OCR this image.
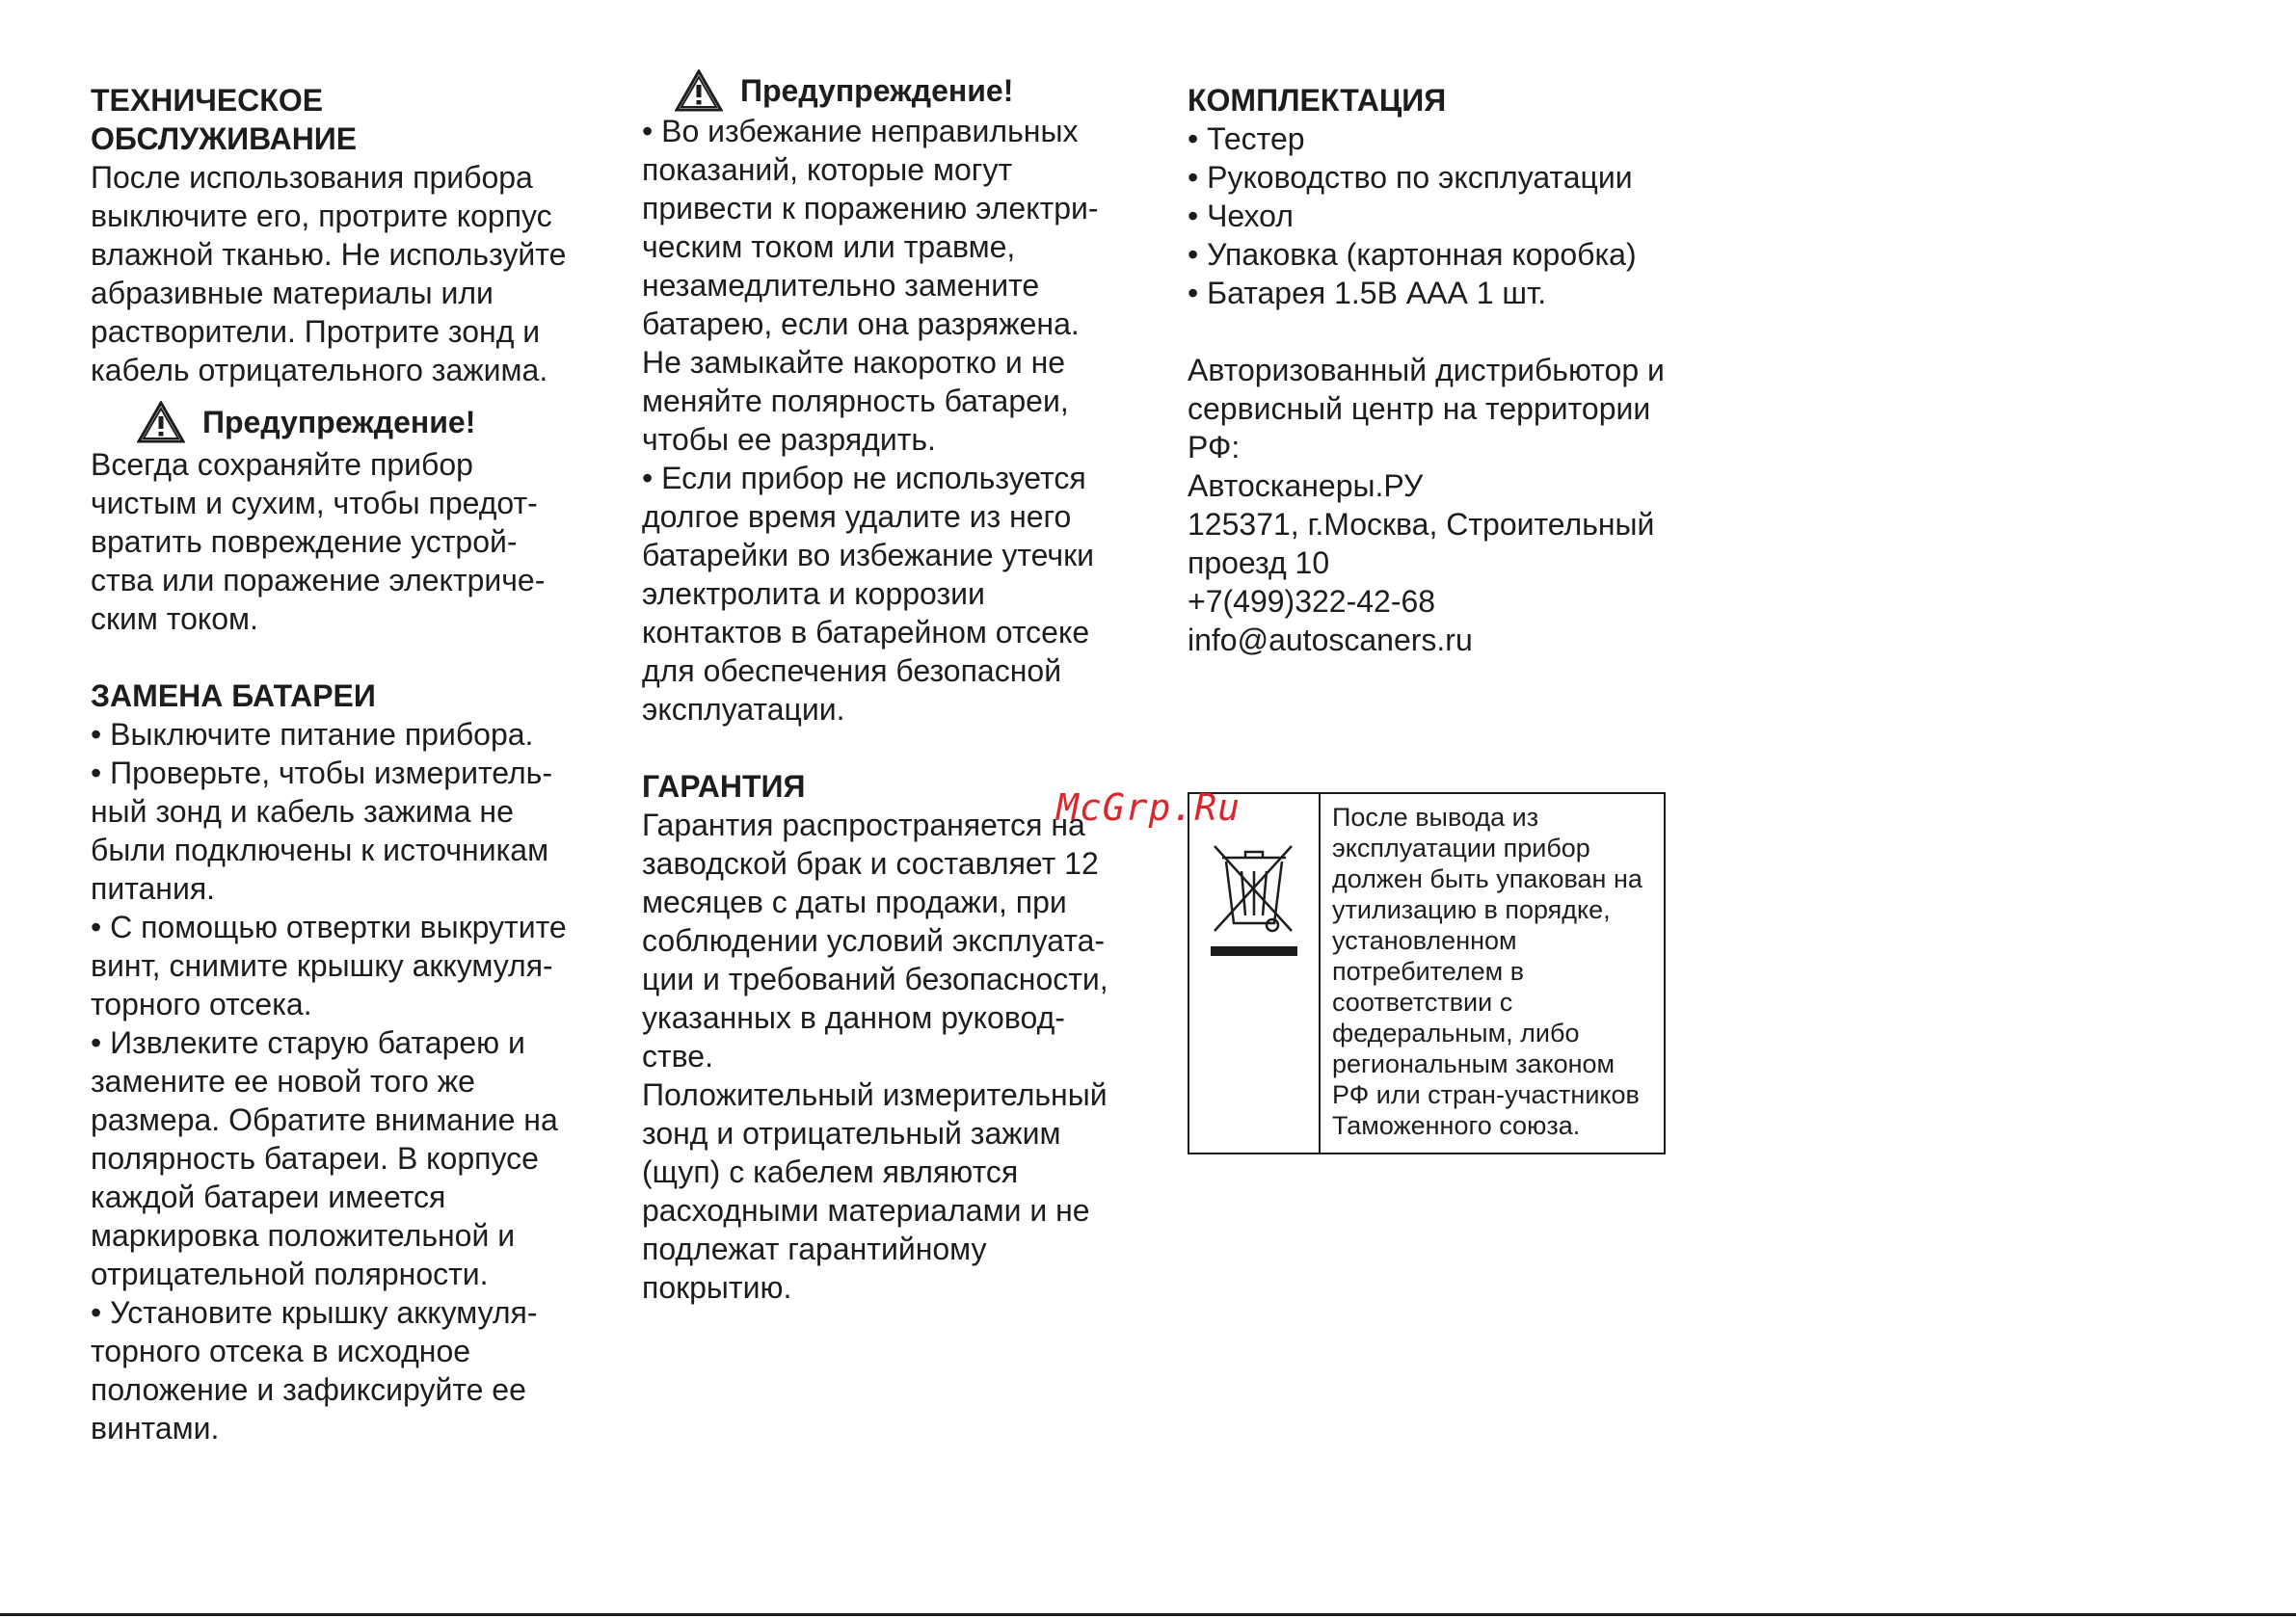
ТЕХНИЧЕСКОЕ
ОБСЛУЖИВАНИЕ
После использования прибора
выключите его, протрите корпус
влажной тканью. Не используйте
абразивные материалы или
растворители. Протрите зонд и
кабель отрицательного зажима.
Предупреждение!
Всегда сохраняйте прибор
чистым и сухим, чтобы предот-
вратить повреждение устрой-
ства или поражение электриче-
ским током.
ЗАМЕНА БАТАРЕИ
• Выключите питание прибора.
• Проверьте, чтобы измеритель-
ный зонд и кабель зажима не
были подключены к источникам
питания.
• С помощью отвертки выкрутите
винт, снимите крышку аккумуля-
торного отсека.
• Извлеките старую батарею и
замените ее новой того же
размера. Обратите внимание на
полярность батареи. В корпусе
каждой батареи имеется
маркировка положительной и
отрицательной полярности.
• Установите крышку аккумуля-
торного отсека в исходное
положение и зафиксируйте ее
винтами.
Предупреждение!
• Во избежание неправильных
показаний, которые могут
привести к поражению электри-
ческим током или травме,
незамедлительно замените
батарею, если она разряжена.
Не замыкайте накоротко и не
меняйте полярность батареи,
чтобы ее разрядить.
• Если прибор не используется
долгое время удалите из него
батарейки во избежание утечки
электролита и коррозии
контактов в батарейном отсеке
для обеспечения безопасной
эксплуатации.
ГАРАНТИЯ
Гарантия распространяется на
заводской брак и составляет 12
месяцев с даты продажи, при
соблюдении условий эксплуата-
ции и требований безопасности,
указанных в данном руковод-
стве.
Положительный измерительный
зонд и отрицательный зажим
(щуп) с кабелем являются
расходными материалами и не
подлежат гарантийному
покрытию.
КОМПЛЕКТАЦИЯ
• Тестер
• Руководство по эксплуатации
• Чехол
• Упаковка (картонная коробка)
• Батарея 1.5В ААА 1 шт.
Авторизованный дистрибьютор и
сервисный центр на территории
РФ:
Автосканеры.РУ
125371, г.Москва, Строительный
проезд 10
+7(499)322-42-68
info@autoscaners.ru
После вывода из
эксплуатации прибор
должен быть упакован на
утилизацию в порядке,
установленном
потребителем в
соответствии с
федеральным, либо
региональным законом
РФ или стран-участников
Таможенного союза.
McGrp.Ru
